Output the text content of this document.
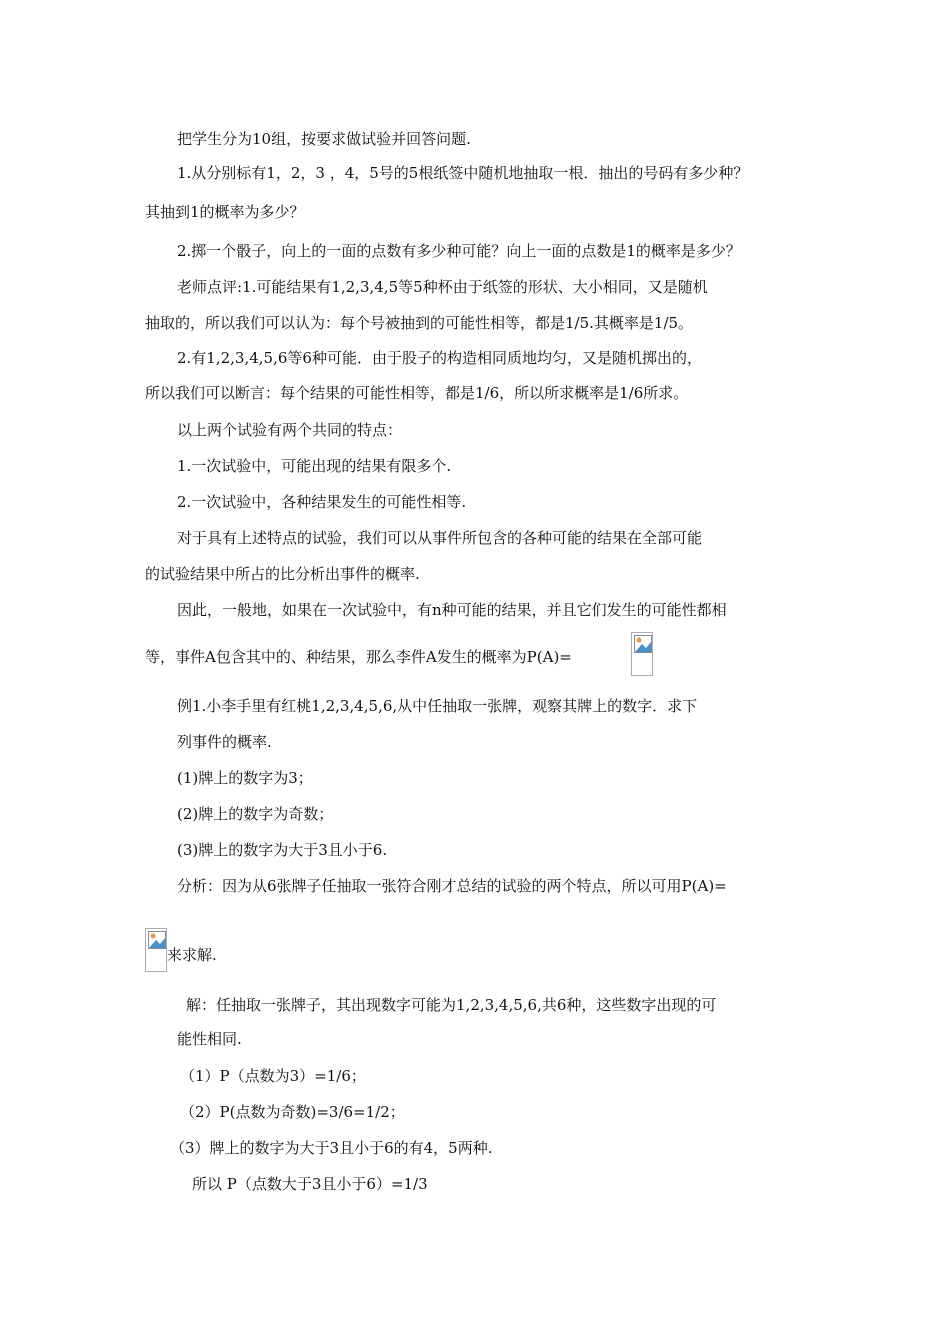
把学生分为10组，按要求做试验并回答问题.
1.从分别标有1，2，3 ，4，5号的5根纸签中随机地抽取一根．抽出的号码有多少种？
其抽到1的概率为多少？
2.掷一个骰子，向上的一面的点数有多少种可能？向上一面的点数是1的概率是多少？
老师点评:1.可能结果有1,2,3,4,5等5种杯由于纸签的形状、大小相同，又是随机
抽取的，所以我们可以认为：每个号被抽到的可能性相等，都是1/5.其概率是1/5。
2.有1,2,3,4,5,6等6种可能．由于股子的构造相同质地均匀，又是随机掷出的，
所以我们可以断言：每个结果的可能性相等，都是1/6，所以所求概率是1/6所求。
以上两个试验有两个共同的特点：
1.一次试验中，可能出现的结果有限多个.
2.一次试验中，各种结果发生的可能性相等.
对于具有上述特点的试验，我们可以从事件所包含的各种可能的结果在全部可能
的试验结果中所占的比分析出事件的概率.
因此，一般地，如果在一次试验中，有n种可能的结果，并且它们发生的可能性都相
等，事件A包含其中的、种结果，那么李件A发生的概率为P(A)=
例1.小李手里有红桃1,2,3,4,5,6,从中任抽取一张牌，观察其牌上的数字．求下
列事件的概率.
(1)牌上的数字为3；
(2)牌上的数字为奇数；
(3)牌上的数字为大于3且小于6.
分析：因为从6张牌子任抽取一张符合刚才总结的试验的两个特点，所以可用P(A)=
来求解.
解：任抽取一张牌子，其出现数字可能为1,2,3,4,5,6,共6种，这些数字出现的可
能性相同.
（1）P（点数为3）=1/6；
（2）P(点数为奇数)=3/6=1/2；
（3）牌上的数字为大于3且小于6的有4，5两种.
所以 P（点数大于3且小于6）=1/3
